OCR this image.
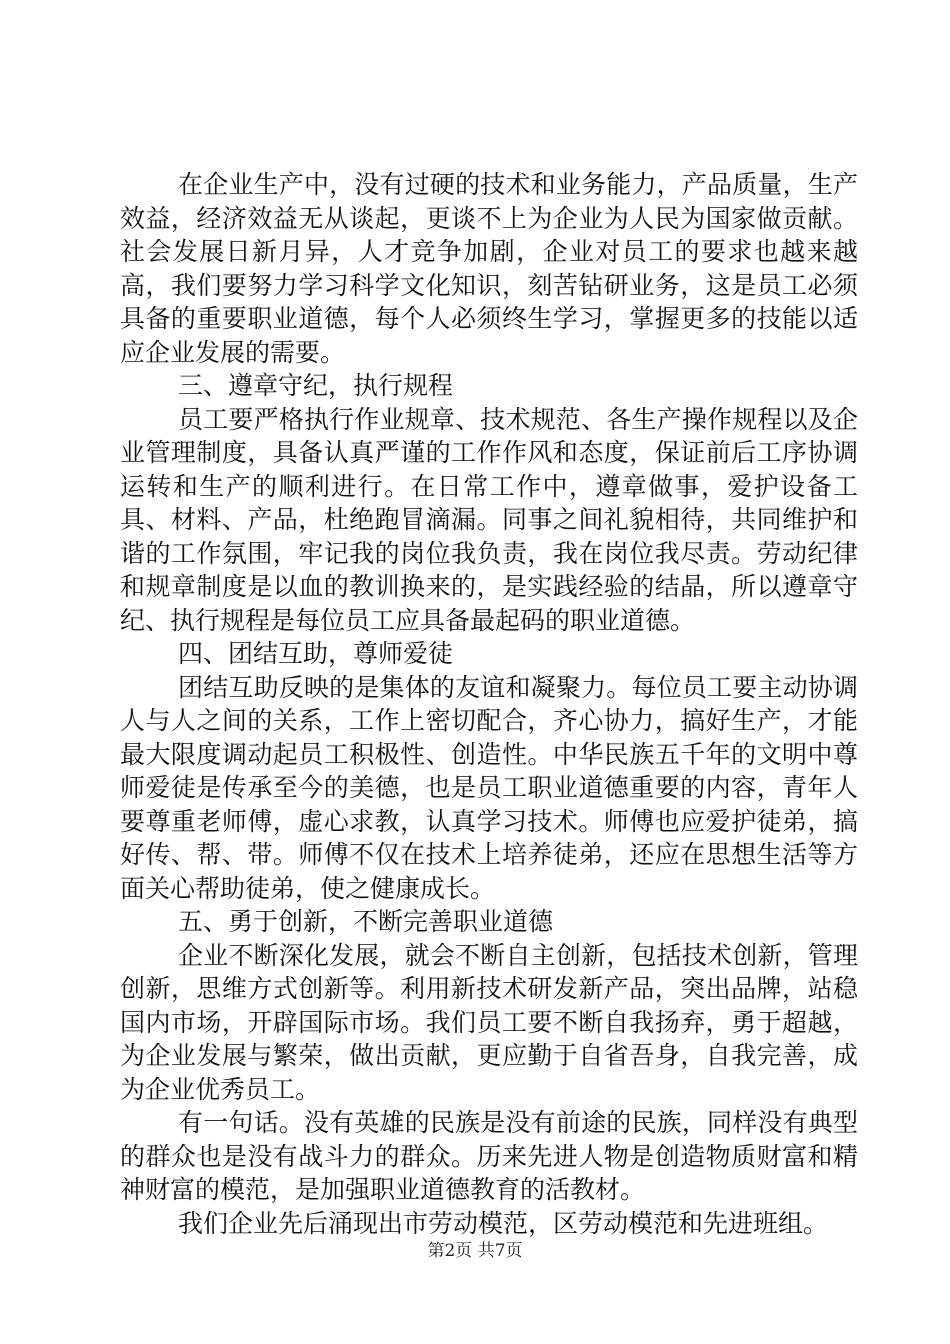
在企业生产中，没有过硬的技术和业务能力，产品质量，生产效益，经济效益无从谈起，更谈不上为企业为人民为国家做贡献。社会发展日新月异，人才竞争加剧，企业对员工的要求也越来越高，我们要努力学习科学文化知识，刻苦钻研业务，这是员工必须具备的重要职业道德，每个人必须终生学习，掌握更多的技能以适应企业发展的需要。

三、遵章守纪，执行规程

员工要严格执行作业规章、技术规范、各生产操作规程以及企业管理制度，具备认真严谨的工作作风和态度，保证前后工序协调运转和生产的顺利进行。在日常工作中，遵章做事，爱护设备工具、材料、产品，杜绝跑冒滴漏。同事之间礼貌相待，共同维护和谐的工作氛围，牢记我的岗位我负责，我在岗位我尽责。劳动纪律和规章制度是以血的教训换来的，是实践经验的结晶，所以遵章守纪、执行规程是每位员工应具备最起码的职业道德。

四、团结互助，尊师爱徒

团结互助反映的是集体的友谊和凝聚力。每位员工要主动协调人与人之间的关系，工作上密切配合，齐心协力，搞好生产，才能最大限度调动起员工积极性、创造性。中华民族五千年的文明中尊师爱徒是传承至今的美德，也是员工职业道德重要的内容，青年人要尊重老师傅，虚心求教，认真学习技术。师傅也应爱护徒弟，搞好传、帮、带。师傅不仅在技术上培养徒弟，还应在思想生活等方面关心帮助徒弟，使之健康成长。

五、勇于创新，不断完善职业道德

企业不断深化发展，就会不断自主创新，包括技术创新，管理创新，思维方式创新等。利用新技术研发新产品，突出品牌，站稳国内市场，开辟国际市场。我们员工要不断自我扬弃，勇于超越，为企业发展与繁荣，做出贡献，更应勤于自省吾身，自我完善，成为企业优秀员工。

有一句话。没有英雄的民族是没有前途的民族，同样没有典型的群众也是没有战斗力的群众。历来先进人物是创造物质财富和精神财富的模范，是加强职业道德教育的活教材。

我们企业先后涌现出市劳动模范，区劳动模范和先进班组。

第2页 共7页
